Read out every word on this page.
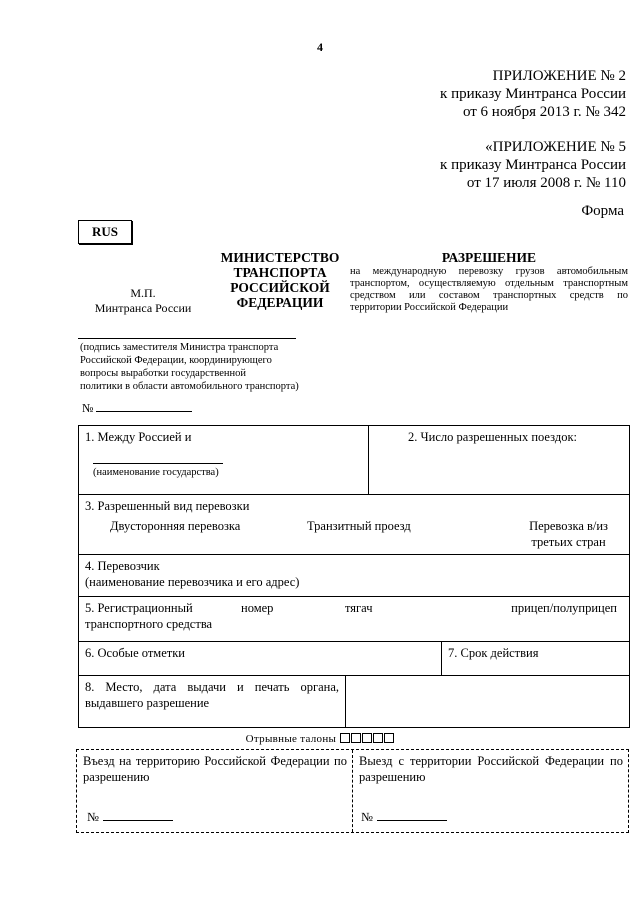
4
ПРИЛОЖЕНИЕ № 2
к приказу Минтранса России
от 6 ноября 2013 г. № 342
«ПРИЛОЖЕНИЕ № 5
к приказу Минтранса России
от 17 июля 2008 г. № 110
Форма
RUS
М.П.
Минтранса России
МИНИСТЕРСТВО
ТРАНСПОРТА
РОССИЙСКОЙ
ФЕДЕРАЦИИ
РАЗРЕШЕНИЕ
на международную перевозку грузов автомобильным транспортом, осуществляемую отдельным транспортным средством или составом транспортных средств по территории Российской Федерации
(подпись заместителя Министра транспорта
Российской Федерации, координирующего
вопросы выработки государственной
политики в области автомобильного транспорта)
№
1. Между Россией и
(наименование государства)		2. Число разрешенных поездок:	

3. Разрешенный вид перевозки
Двусторонняя перевозка Транзитный проезд Перевозка в/из
третьих стран			

4. Перевозчик
(наименование перевозчика и его адрес)			

5. Регистрационный номер тягач прицеп/полуприцеп
транспортного средства			

6. Особые отметки			7. Срок действия
8. Место, дата выдачи и печать органа, выдавшего разрешение			
Отрывные талоны
Въезд на территорию Российской Федерации по разрешению
№
Выезд с территории Российской Федерации по разрешению
№
